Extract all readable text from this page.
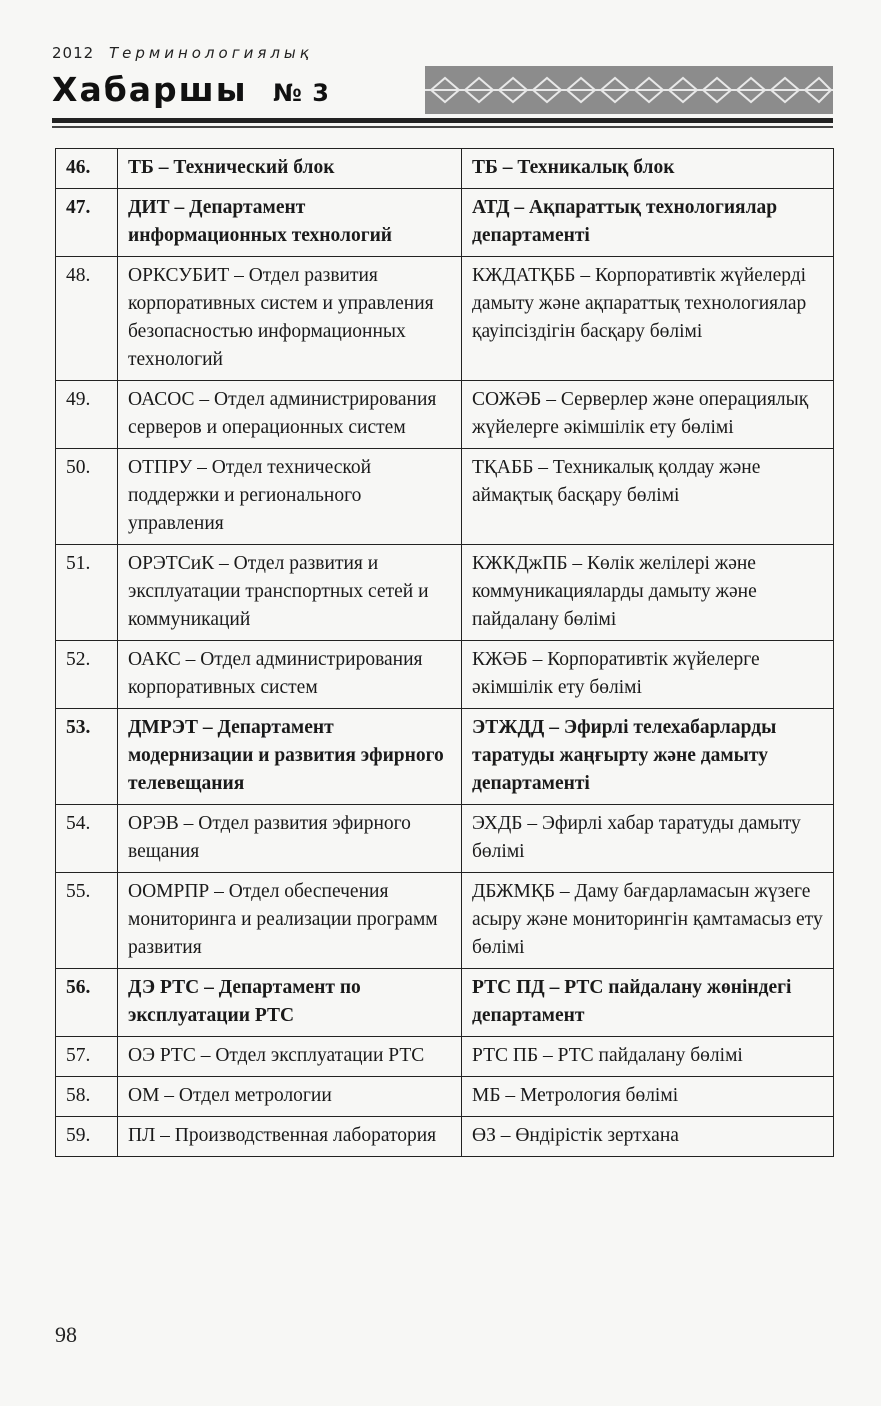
2012 Терминологиялық
Хабаршы № 3
46.	ТБ – Технический блок	ТБ – Техникалық блок
47.	ДИТ – Департамент информационных технологий	АТД – Ақпараттық технологиялар департаменті
48.	ОРКСУБИТ – Отдел развития корпоративных систем и управления безопасностью информационных технологий	КЖДАТҚББ – Корпоративтік жүйелерді дамыту және ақпараттық технологиялар қауіпсіздігін басқару бөлімі
49.	ОАСОС – Отдел администрирования серверов и операционных систем	СОЖӘБ – Серверлер және операциялық жүйелерге әкімшілік ету бөлімі
50.	ОТПРУ – Отдел технической поддержки и регионального управления	ТҚАББ – Техникалық қолдау және аймақтық басқару бөлімі
51.	ОРЭТСиК – Отдел развития и эксплуатации транспортных сетей и коммуникаций	КЖКДжПБ – Көлік желілері және коммуникацияларды дамыту және пайдалану бөлімі
52.	ОАКС – Отдел администрирования корпоративных систем	КЖӘБ – Корпоративтік жүйелерге әкімшілік ету бөлімі
53.	ДМРЭТ – Департамент модернизации и развития эфирного телевещания	ЭТЖДД – Эфирлі телехабарларды таратуды жаңғырту және дамыту департаменті
54.	ОРЭВ – Отдел развития эфирного вещания	ЭХДБ – Эфирлі хабар таратуды дамыту бөлімі
55.	ООМРПР – Отдел обеспечения мониторинга и реализации программ развития	ДБЖМҚБ – Даму бағдарламасын жүзеге асыру және мониторингін қамтамасыз ету бөлімі
56.	ДЭ РТС – Департамент по эксплуатации РТС	РТС ПД – РТС пайдалану жөніндегі департамент
57.	ОЭ РТС – Отдел эксплуатации РТС	РТС ПБ – РТС пайдалану бөлімі
58.	ОМ – Отдел метрологии	МБ – Метрология бөлімі
59.	ПЛ – Производственная лаборатория	ӨЗ – Өндірістік зертхана
98
